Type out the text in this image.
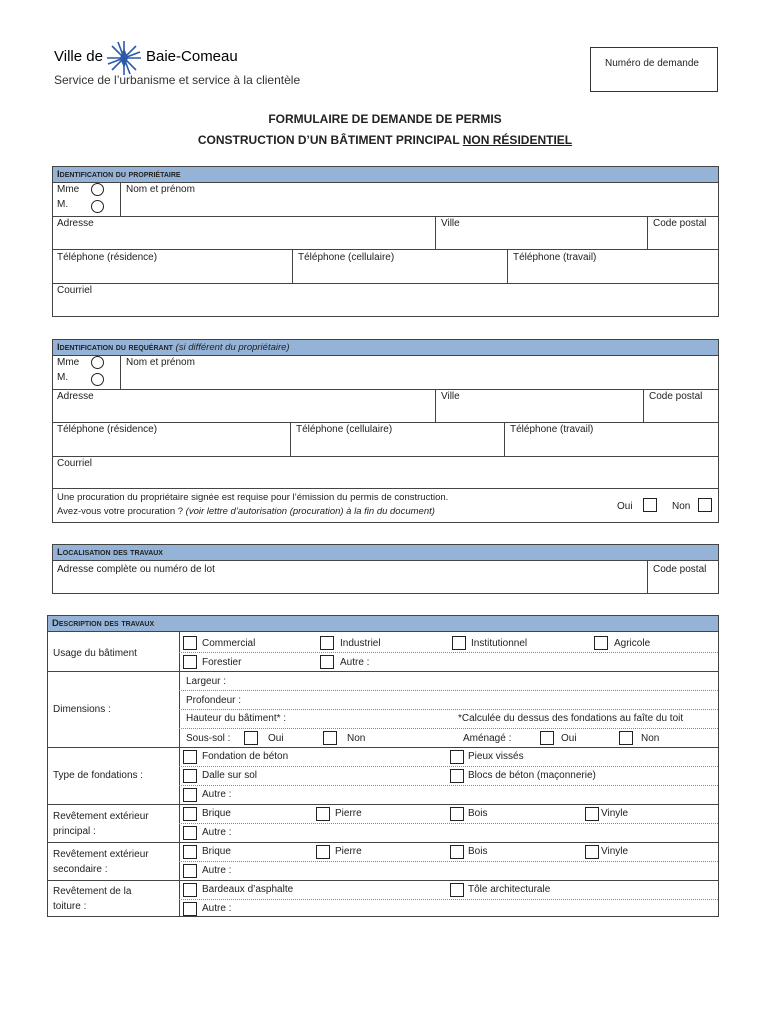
Ville de	Baie-Comeau
Service de l’urbanisme et service à la clientèle
Numéro de demande
FORMULAIRE DE DEMANDE DE PERMIS
CONSTRUCTION D’UN BÂTIMENT PRINCIPAL NON RÉSIDENTIEL
Identification du propriétaire
Mme
M.
Nom et prénom
Adresse	Ville	Code postal
Téléphone (résidence)	Téléphone (cellulaire)	Téléphone (travail)
Courriel
Identification du requérant (si différent du propriétaire)
Mme
M.
Nom et prénom
Adresse	Ville	Code postal
Téléphone (résidence)	Téléphone (cellulaire)	Téléphone (travail)
Courriel
Une procuration du propriétaire signée est requise pour l’émission du permis de construction.
Avez-vous votre procuration ? (voir lettre d’autorisation (procuration) à la fin du document)	Oui	Non
Localisation des travaux
Adresse complète ou numéro de lot	Code postal
Description des travaux
Usage du bâtiment
Commercial	Industriel	Institutionnel	Agricole
Forestier	Autre :
Dimensions :
Largeur :
Profondeur :
Hauteur du bâtiment* :	*Calculée du dessus des fondations au faîte du toit
Sous-sol :	Oui	Non	Aménagé :	Oui	Non
Fondation de béton	Pieux vissés
Type de fondations :	Dalle sur sol	Blocs de béton (maçonnerie)
Autre :
Revêtement extérieur
principal :
Brique	Pierre	Bois	Vinyle
Autre :
Revêtement extérieur
secondaire :
Brique	Pierre	Bois	Vinyle
Autre :
Revêtement de la
toiture :
Bardeaux d’asphalte	Tôle architecturale
Autre :
